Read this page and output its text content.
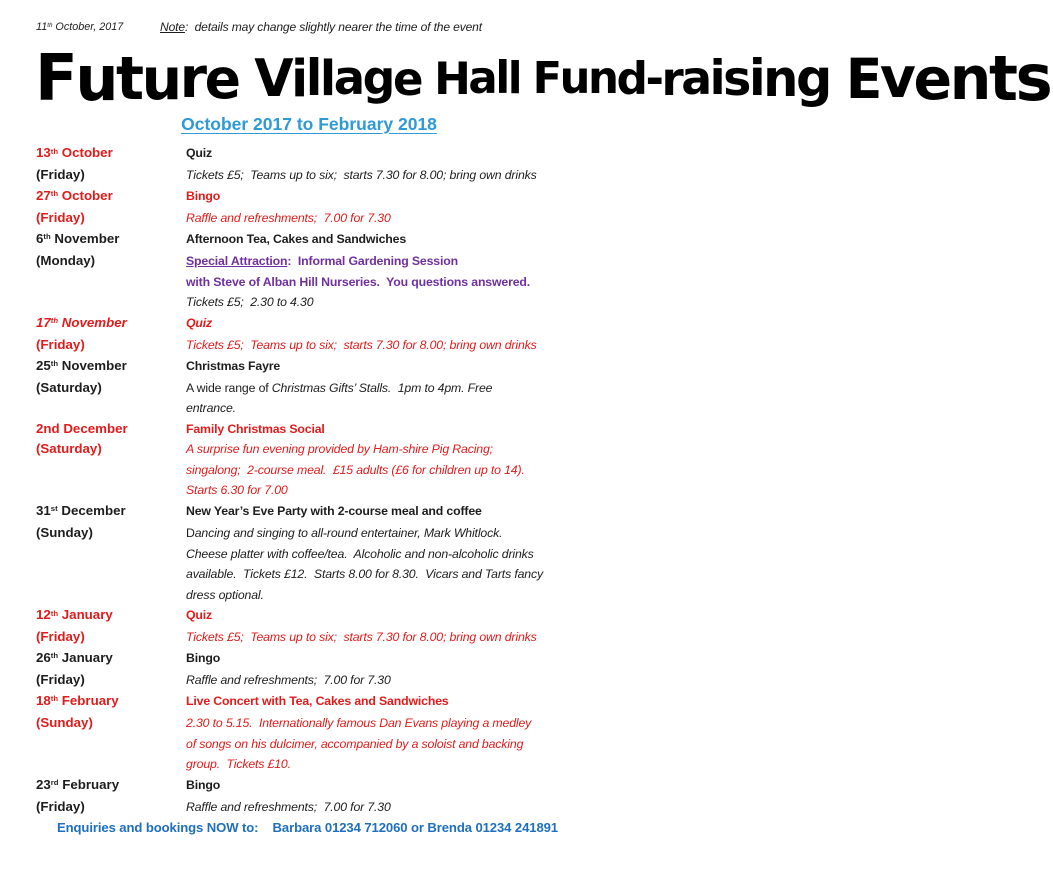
F
u
t
u
r
e
V
i
l
l
a
g
e
H
a
l
l
F
u
n
d
-
r
a
i
s
i
n
g
E
v
e
n
t
s
October 2017 to February 2018
13th October	Quiz
(Friday)	Tickets £5;  Teams up to six;  starts 7.30 for 8.00; bring own drinks
27th October	Bingo
(Friday)	Raffle and refreshments;  7.00 for 7.30
6th November	Afternoon Tea, Cakes and Sandwiches
(Monday)	Special Attraction:  Informal Gardening Session
with Steve of Alban Hill Nurseries.  You questions answered.
Tickets £5;  2.30 to 4.30
17th November	Quiz
(Friday)	Tickets £5;  Teams up to six;  starts 7.30 for 8.00; bring own drinks
25th November	Christmas Fayre
(Saturday)	A wide range of Christmas Gifts’ Stalls.  1pm to 4pm. Free
entrance.
2nd December	Family Christmas Social
(Saturday)	A surprise fun evening provided by Ham-shire Pig Racing;
singalong;  2-course meal.  £15 adults (£6 for children up to 14).
Starts 6.30 for 7.00
31st December	New Year’s Eve Party with 2-course meal and coffee
(Sunday)	Dancing and singing to all-round entertainer, Mark Whitlock.
Cheese platter with coffee/tea.  Alcoholic and non-alcoholic drinks
available.  Tickets £12.  Starts 8.00 for 8.30.  Vicars and Tarts fancy
dress optional.
12th January	Quiz
(Friday)	Tickets £5;  Teams up to six;  starts 7.30 for 8.00; bring own drinks
26th January	Bingo
(Friday)	Raffle and refreshments;  7.00 for 7.30
18th February	Live Concert with Tea, Cakes and Sandwiches
(Sunday)	2.30 to 5.15.  Internationally famous Dan Evans playing a medley
of songs on his dulcimer, accompanied by a soloist and backing
group.  Tickets £10.
23rd February	Bingo
(Friday)	Raffle and refreshments;  7.00 for 7.30
Enquiries and bookings NOW to:    Barbara 01234 712060 or Brenda 01234 241891
11th October, 2017	Note:  details may change slightly nearer the time of the event
